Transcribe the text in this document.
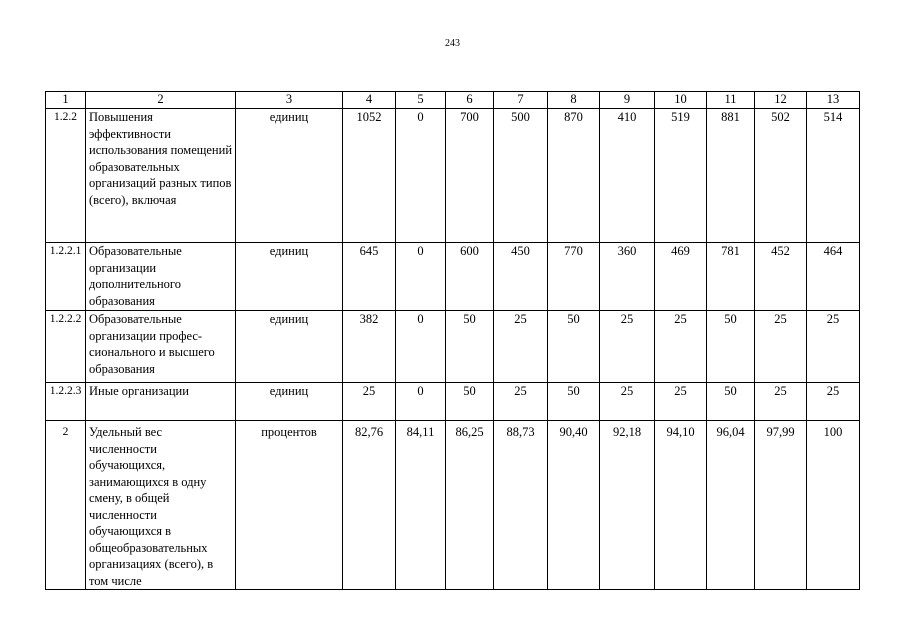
243
1	2	3	4	5	6	7	8	9	10	11	12	13
1.2.2	Повышения эффективности использования помещений образовательных организаций разных типов (всего), включая	единиц	1052	0	700	500	870	410	519	881	502	514
1.2.2.1	Образовательные организации дополнительного образования	единиц	645	0	600	450	770	360	469	781	452	464
1.2.2.2	Образовательные организации профес-сионального и высшего образования	единиц	382	0	50	25	50	25	25	50	25	25
1.2.2.3	Иные организации	единиц	25	0	50	25	50	25	25	50	25	25
2	Удельный вес численности обучающихся, занимающихся в одну смену, в общей численности обучающихся в общеобразовательных организациях (всего), в том числе	процентов	82,76	84,11	86,25	88,73	90,40	92,18	94,10	96,04	97,99	100
